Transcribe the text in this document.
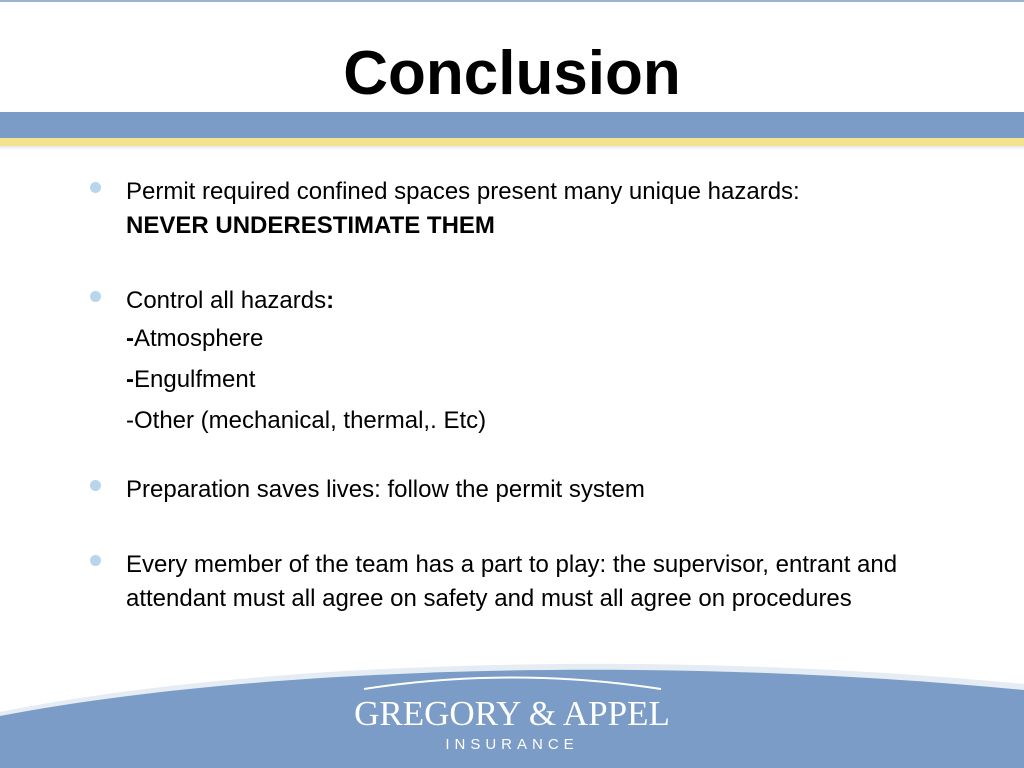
Conclusion
Permit required confined spaces present many unique hazards:
NEVER UNDERESTIMATE THEM
Control all hazards:
-Atmosphere
-Engulfment
-Other (mechanical, thermal,. Etc)
Preparation saves lives: follow the permit system
Every member of the team has a part to play: the supervisor, entrant and attendant must all agree on safety and must all agree on procedures
GREGORY & APPEL
INSURANCE
